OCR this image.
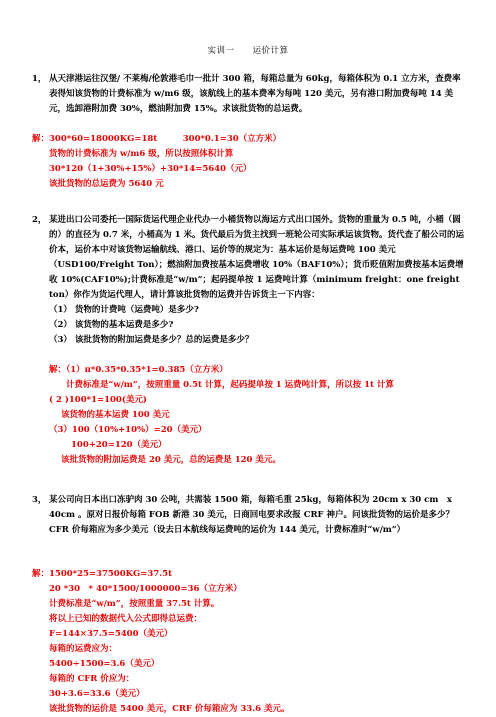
实训一　　运价计算
1， 从天津港运往汉堡/ 不莱梅/伦敦港毛巾一批计 300 箱，每箱总量为 60kg，每箱体积为 0.1 立方米，查费率表得知该货物的计费标准为 w/m6 级，该航线上的基本费率为每吨 120 美元，另有港口附加费每吨 14 美元，选卸港附加费 30%，燃油附加费 15%。求该批货物的总运费。
解：300*60=18000KG=18t　　　300*0.1=30（立方米）
货物的计费标准为 w/m6 级，所以按照体积计算
30*120（1+30%+15%）+30*14=5640（元）
该批货物的总运费为 5640 元
2， 某进出口公司委托一国际货运代理企业代办一小桶货物以海运方式出口国外。货物的重量为 0.5 吨，小桶（圆的）的直径为 0.7 米，小桶高为 1 米。货代最后为货主找到一班轮公司实际承运该货物。货代查了船公司的运价本，运价本中对该货物运输航线、港口、运价等的规定为：基本运价是每运费吨 100 美元（USD100/Freight Ton）；燃油附加费按基本运费增收 10%（BAF10%）；货币贬值附加费按基本运费增收 10%(CAF10%);计费标准是“w/m”；起码提单按 1 运费吨计算（minimum freight：one freight ton）你作为货运代理人，请计算该批货物的运费并告诉货主一下内容：
（1） 货物的计费吨（运费吨）是多少?
（2） 该货物的基本运费是多少?
（3） 该批货物的附加运费是多少？总的运费是多少？
解：（1）π*0.35*0.35*1=0.385（立方米）
计费标准是“w/m”，按照重量 0.5t 计算，起码提单按 1 运费吨计算，所以按 1t 计算
( 2 )100*1=100(美元)
该货物的基本运费 100 美元
（3）100（10%+10%）=20（美元）
100+20=120（美元）
该批货物的附加运费是 20 美元，总的运费是 120 美元。
3， 某公司向日本出口冻驴肉 30 公吨，共需装 1500 箱，每箱毛重 25kg，每箱体积为 20cm x 30 cm　x　40cm 。原对日报价每箱 FOB 新港 30 美元，日商回电要求改报 CRF 神户。问该批货物的运价是多少？ CFR 价每箱应为多少美元（设去日本航线每运费吨的运价为 144 美元，计费标准时“w/m”）
解：1500*25=37500KG=37.5t
20 *30　* 40*1500/1000000=36（立方米）
计费标准是“w/m”，按照重量 37.5t 计算。
将以上已知的数据代入公式即得总运费：
F=144×37.5=5400（美元）
每箱的运费应为：
5400÷1500=3.6（美元）
每箱的 CFR 价应为：
30+3.6=33.6（美元）
该批货物的运价是 5400 美元，CRF 价每箱应为 33.6 美元。
